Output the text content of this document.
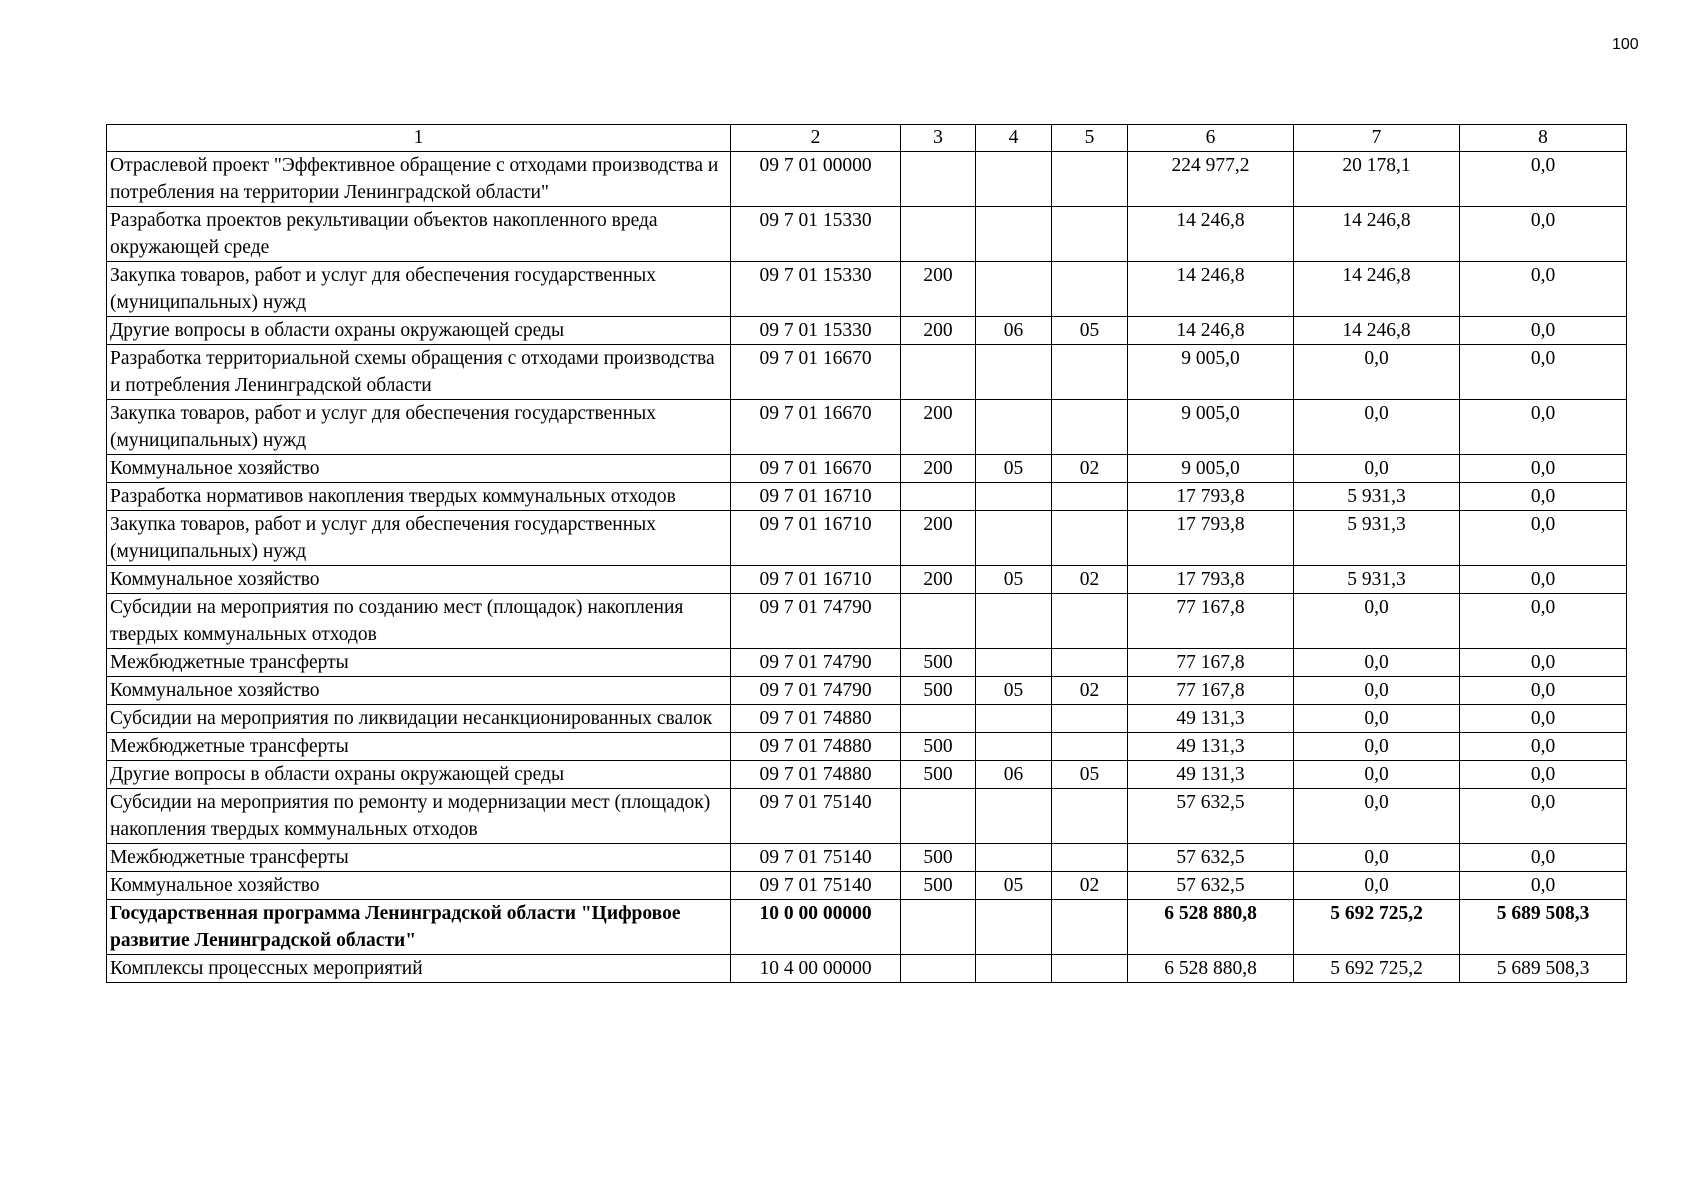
100
1	2	3	4	5	6	7	8
Отраслевой проект "Эффективное обращение с отходами производства и потребления на территории Ленинградской области"	09 7 01 00000				224 977,2	20 178,1	0,0
Разработка проектов рекультивации объектов накопленного вреда окружающей среде	09 7 01 15330				14 246,8	14 246,8	0,0
Закупка товаров, работ и услуг для обеспечения государственных (муниципальных) нужд	09 7 01 15330	200			14 246,8	14 246,8	0,0
Другие вопросы в области охраны окружающей среды	09 7 01 15330	200	06	05	14 246,8	14 246,8	0,0
Разработка территориальной схемы обращения с отходами производства и потребления Ленинградской области	09 7 01 16670				9 005,0	0,0	0,0
Закупка товаров, работ и услуг для обеспечения государственных (муниципальных) нужд	09 7 01 16670	200			9 005,0	0,0	0,0
Коммунальное хозяйство	09 7 01 16670	200	05	02	9 005,0	0,0	0,0
Разработка нормативов накопления твердых коммунальных отходов	09 7 01 16710				17 793,8	5 931,3	0,0
Закупка товаров, работ и услуг для обеспечения государственных (муниципальных) нужд	09 7 01 16710	200			17 793,8	5 931,3	0,0
Коммунальное хозяйство	09 7 01 16710	200	05	02	17 793,8	5 931,3	0,0
Субсидии на мероприятия по созданию мест (площадок) накопления твердых коммунальных отходов	09 7 01 74790				77 167,8	0,0	0,0
Межбюджетные трансферты	09 7 01 74790	500			77 167,8	0,0	0,0
Коммунальное хозяйство	09 7 01 74790	500	05	02	77 167,8	0,0	0,0
Субсидии на мероприятия по ликвидации несанкционированных свалок	09 7 01 74880				49 131,3	0,0	0,0
Межбюджетные трансферты	09 7 01 74880	500			49 131,3	0,0	0,0
Другие вопросы в области охраны окружающей среды	09 7 01 74880	500	06	05	49 131,3	0,0	0,0
Субсидии на мероприятия по ремонту и модернизации мест (площадок) накопления твердых коммунальных отходов	09 7 01 75140				57 632,5	0,0	0,0
Межбюджетные трансферты	09 7 01 75140	500			57 632,5	0,0	0,0
Коммунальное хозяйство	09 7 01 75140	500	05	02	57 632,5	0,0	0,0
Государственная программа Ленинградской области "Цифровое развитие Ленинградской области"	10 0 00 00000				6 528 880,8	5 692 725,2	5 689 508,3
Комплексы процессных мероприятий	10 4 00 00000				6 528 880,8	5 692 725,2	5 689 508,3
